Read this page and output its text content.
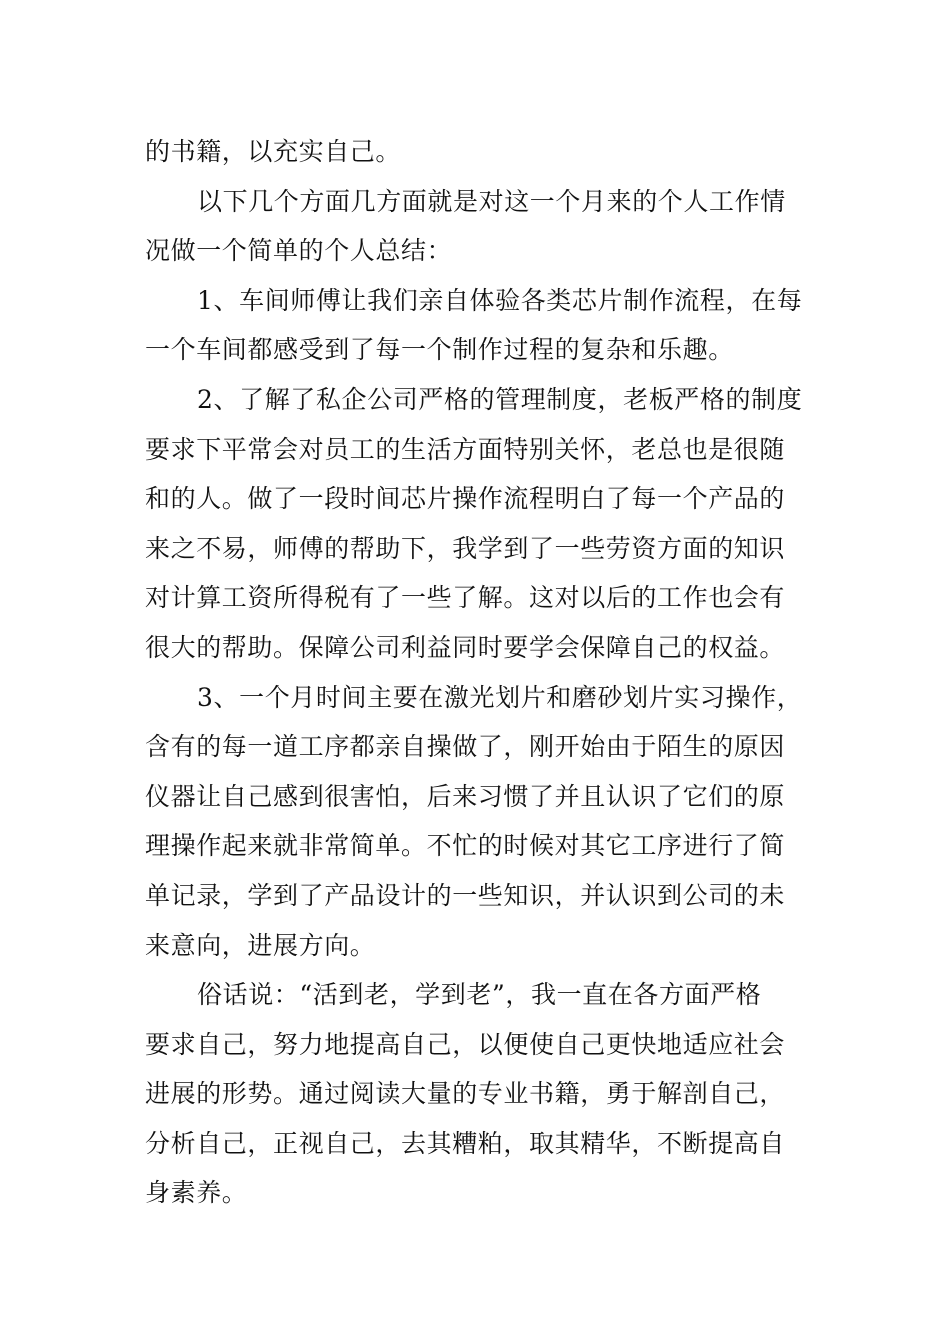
的书籍，以充实自己。
以下几个方面几方面就是对这一个月来的个人工作情
况做一个简单的个人总结：
1、车间师傅让我们亲自体验各类芯片制作流程，在每
一个车间都感受到了每一个制作过程的复杂和乐趣。
2、了解了私企公司严格的管理制度，老板严格的制度
要求下平常会对员工的生活方面特别关怀，老总也是很随
和的人。做了一段时间芯片操作流程明白了每一个产品的
来之不易，师傅的帮助下，我学到了一些劳资方面的知识
对计算工资所得税有了一些了解。这对以后的工作也会有
很大的帮助。保障公司利益同时要学会保障自己的权益。
3、一个月时间主要在激光划片和磨砂划片实习操作，
含有的每一道工序都亲自操做了，刚开始由于陌生的原因
仪器让自己感到很害怕，后来习惯了并且认识了它们的原
理操作起来就非常简单。不忙的时候对其它工序进行了简
单记录，学到了产品设计的一些知识，并认识到公司的未
来意向，进展方向。
俗话说：“活到老，学到老”，我一直在各方面严格
要求自己，努力地提高自己，以便使自己更快地适应社会
进展的形势。通过阅读大量的专业书籍，勇于解剖自己，
分析自己，正视自己，去其糟粕，取其精华，不断提高自
身素养。
